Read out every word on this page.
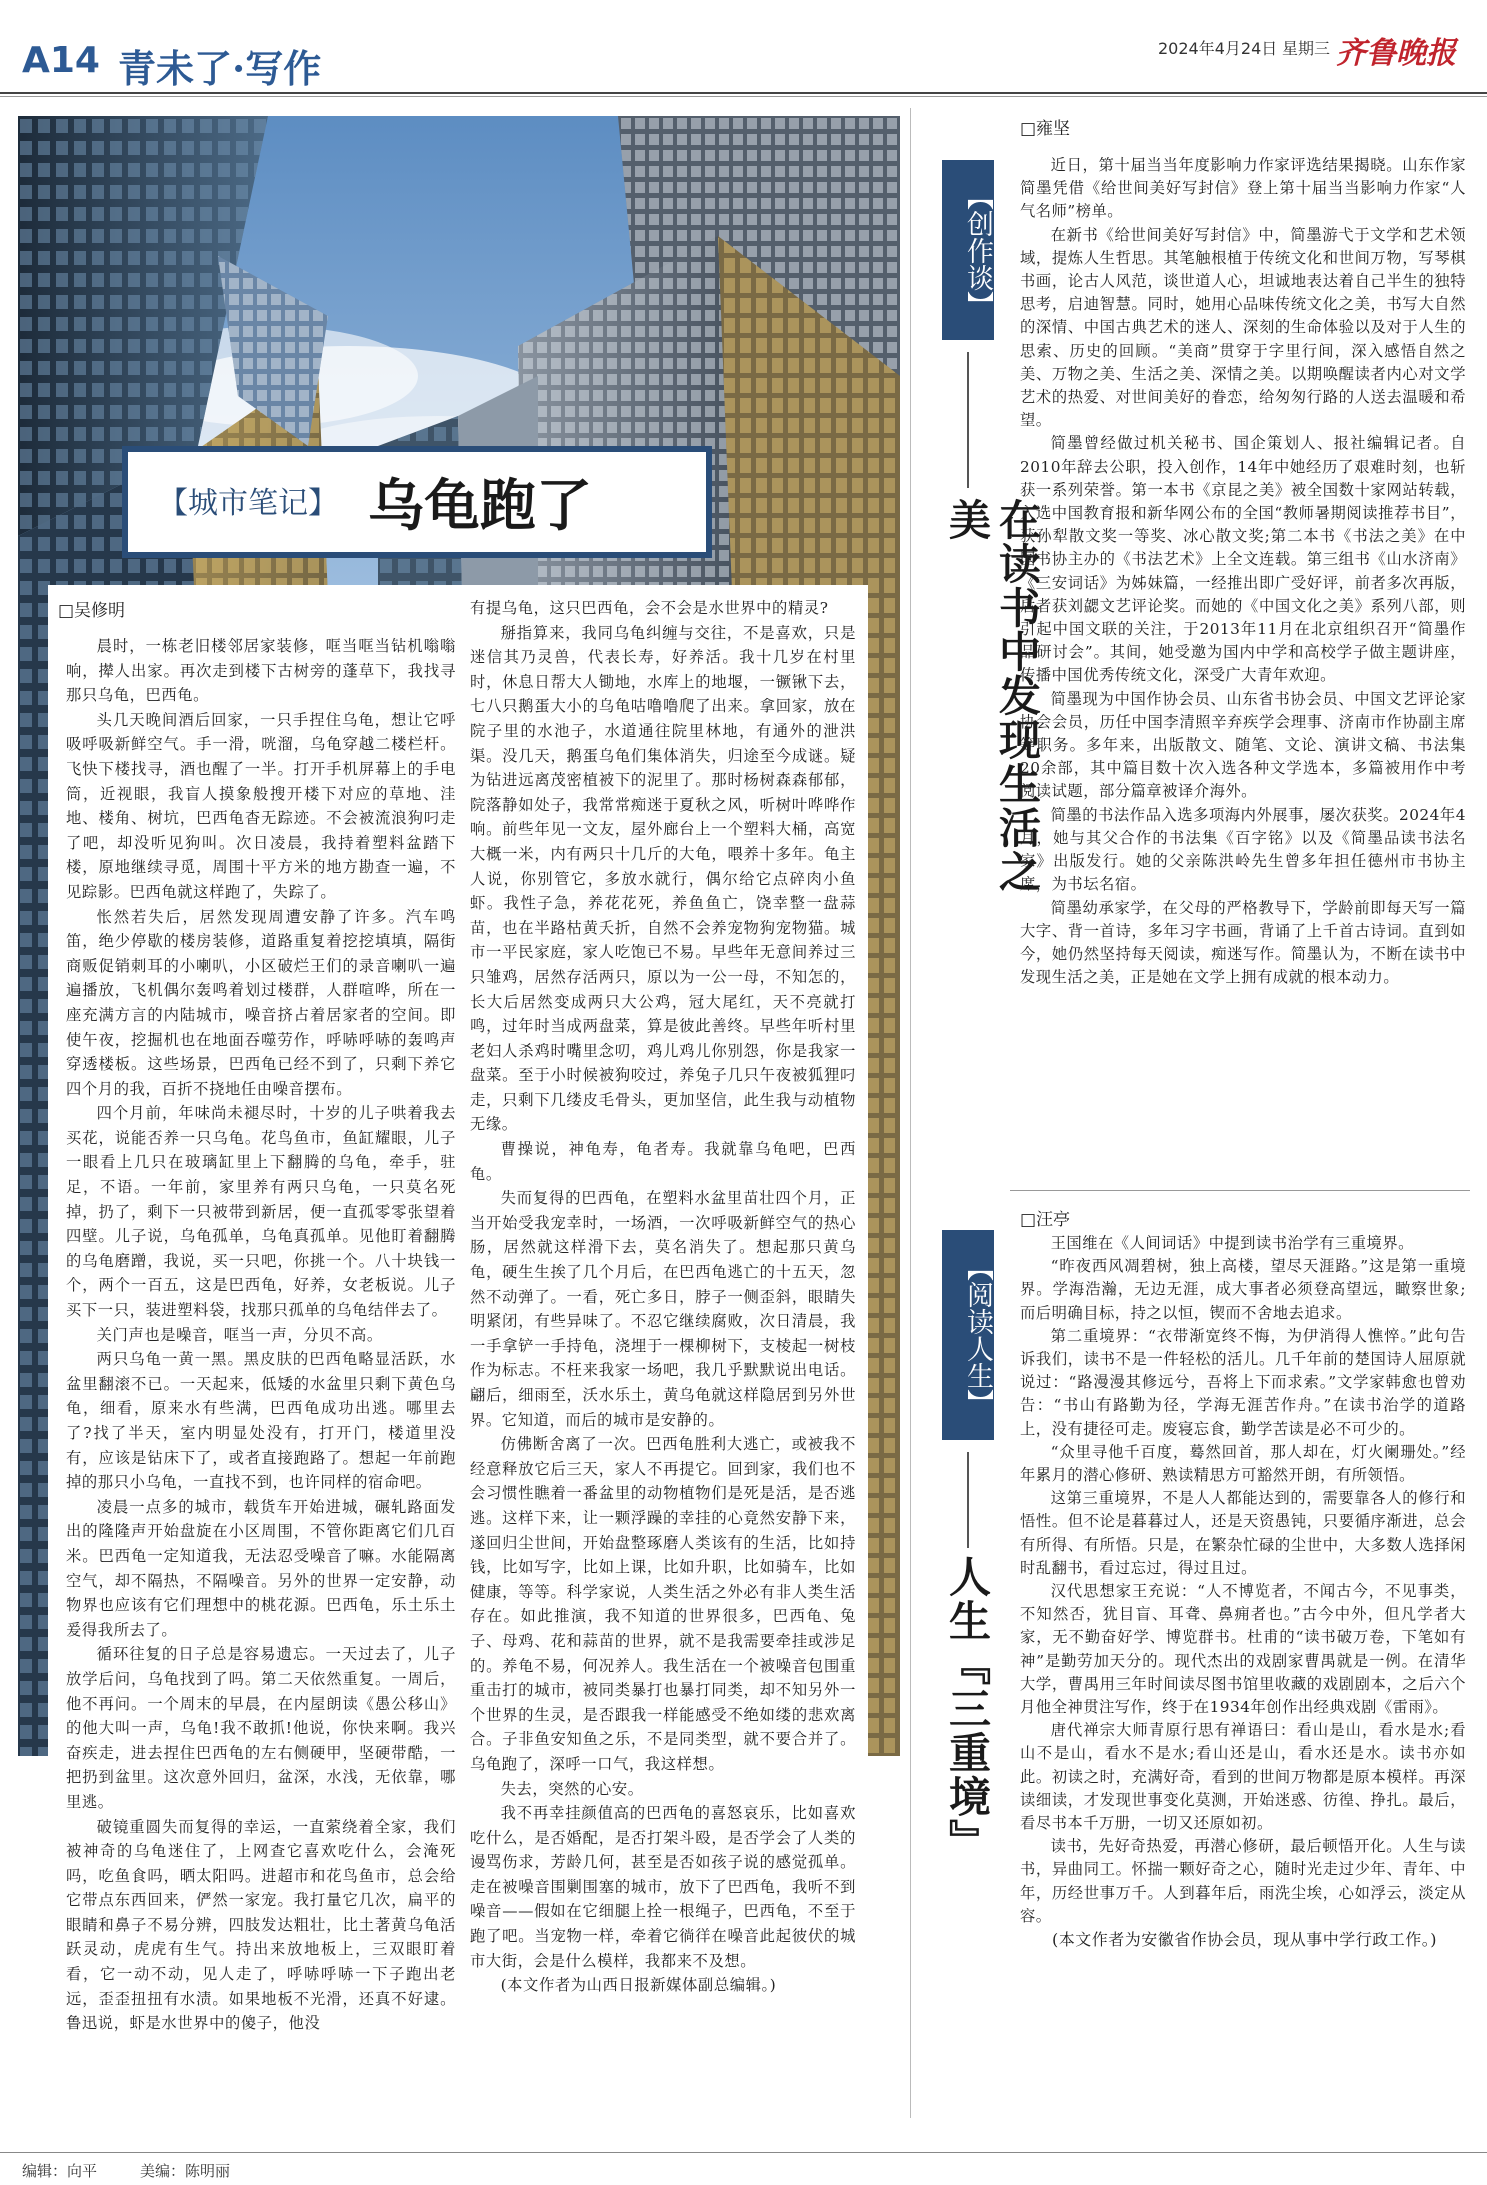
A14 青未了·写作	2024年4月24日 星期三 齐鲁晚报
【城市笔记】 乌龟跑了
□吴修明

晨时，一栋老旧楼邻居家装修，哐当哐当钻机嗡嗡响，撵人出家。再次走到楼下古树旁的蓬草下，我找寻那只乌龟，巴西龟。

头几天晚间酒后回家，一只手捏住乌龟，想让它呼吸呼吸新鲜空气。手一滑，咣溜，乌龟穿越二楼栏杆。飞快下楼找寻，酒也醒了一半。打开手机屏幕上的手电筒，近视眼，我盲人摸象般搜开楼下对应的草地、洼地、楼角、树坑，巴西龟杳无踪迹。不会被流浪狗叼走了吧，却没听见狗叫。次日凌晨，我持着塑料盆踏下楼，原地继续寻觅，周围十平方米的地方勘查一遍，不见踪影。巴西龟就这样跑了，失踪了。

怅然若失后，居然发现周遭安静了许多。汽车鸣笛，绝少停歇的楼房装修，道路重复着挖挖填填，隔街商贩促销刺耳的小喇叭，小区破烂王们的录音喇叭一遍遍播放，飞机偶尔轰鸣着划过楼群，人群喧哗，所在一座充满方言的内陆城市，噪音挤占着居家者的空间。即使午夜，挖掘机也在地面吞噬劳作，呼哧呼哧的轰鸣声穿透楼板。这些场景，巴西龟已经不到了，只剩下养它四个月的我，百折不挠地任由噪音摆布。

四个月前，年味尚未褪尽时，十岁的儿子哄着我去买花，说能否养一只乌龟。花鸟鱼市，鱼缸耀眼，儿子一眼看上几只在玻璃缸里上下翻腾的乌龟，牵手，驻足，不语。一年前，家里养有两只乌龟，一只莫名死掉，扔了，剩下一只被带到新居，便一直孤零零张望着四壁。儿子说，乌龟孤单，乌龟真孤单。见他盯着翻腾的乌龟磨蹭，我说，买一只吧，你挑一个。八十块钱一个，两个一百五，这是巴西龟，好养，女老板说。儿子买下一只，装进塑料袋，找那只孤单的乌龟结伴去了。

关门声也是噪音，哐当一声，分贝不高。

两只乌龟一黄一黑。黑皮肤的巴西龟略显活跃，水盆里翻滚不已。一天起来，低矮的水盆里只剩下黄色乌龟，细看，原来水有些满，巴西龟成功出逃。哪里去了?找了半天，室内明显处没有，打开门，楼道里没有，应该是钻床下了，或者直接跑路了。想起一年前跑掉的那只小乌龟，一直找不到，也许同样的宿命吧。

凌晨一点多的城市，载货车开始进城，碾轧路面发出的隆隆声开始盘旋在小区周围，不管你距离它们几百米。巴西龟一定知道我，无法忍受噪音了嘛。水能隔离空气，却不隔热，不隔噪音。另外的世界一定安静，动物界也应该有它们理想中的桃花源。巴西龟，乐土乐土爰得我所去了。

循环往复的日子总是容易遗忘。一天过去了，儿子放学后问，乌龟找到了吗。第二天依然重复。一周后，他不再问。一个周末的早晨，在内屋朗读《愚公移山》的他大叫一声，乌龟!我不敢抓!他说，你快来啊。我兴奋疾走，进去捏住巴西龟的左右侧硬甲，坚硬带酷，一把扔到盆里。这次意外回归，盆深，水浅，无依靠，哪里逃。

破镜重圆失而复得的幸运，一直萦绕着全家，我们被神奇的乌龟迷住了，上网查它喜欢吃什么，会淹死吗，吃鱼食吗，晒太阳吗。进超市和花鸟鱼市，总会给它带点东西回来，俨然一家宠。我打量它几次，扁平的眼睛和鼻子不易分辨，四肢发达粗壮，比土著黄乌龟活跃灵动，虎虎有生气。持出来放地板上，三双眼盯着看，它一动不动，见人走了，呼哧呼哧一下子跑出老远，歪歪扭扭有水渍。如果地板不光滑，还真不好逮。鲁迅说，虾是水世界中的傻子，他没

有提乌龟，这只巴西龟，会不会是水世界中的精灵?

掰指算来，我同乌龟纠缠与交往，不是喜欢，只是迷信其乃灵兽，代表长寿，好养活。我十几岁在村里时，休息日帮大人锄地，水库上的地堰，一镢锹下去，七八只鹅蛋大小的乌龟咕噜噜爬了出来。拿回家，放在院子里的水池子，水道通往院里林地，有通外的泄洪渠。没几天，鹅蛋乌龟们集体消失，归途至今成谜。疑为钻进远离茂密植被下的泥里了。那时杨树森森郁郁，院落静如处子，我常常痴迷于夏秋之风，听树叶哗哗作响。前些年见一文友，屋外廊台上一个塑料大桶，高宽大概一米，内有两只十几斤的大龟，喂养十多年。龟主人说，你别管它，多放水就行，偶尔给它点碎肉小鱼虾。我性子急，养花花死，养鱼鱼亡，饶幸整一盘蒜苗，也在半路枯黄夭折，自然不会养宠物狗宠物猫。城市一平民家庭，家人吃饱已不易。早些年无意间养过三只雏鸡，居然存活两只，原以为一公一母，不知怎的，长大后居然变成两只大公鸡，冠大尾红，天不亮就打鸣，过年时当成两盘菜，算是彼此善终。早些年听村里老妇人杀鸡时嘴里念叨，鸡儿鸡儿你别怨，你是我家一盘菜。至于小时候被狗咬过，养兔子几只午夜被狐狸叼走，只剩下几缕皮毛骨头，更加坚信，此生我与动植物无缘。

曹操说，神龟寿，龟者寿。我就靠乌龟吧，巴西龟。

失而复得的巴西龟，在塑料水盆里苗壮四个月，正当开始受我宠幸时，一场酒，一次呼吸新鲜空气的热心肠，居然就这样滑下去，莫名消失了。想起那只黄乌龟，硬生生挨了几个月后，在巴西龟逃亡的十五天，忽然不动弹了。一看，死亡多日，脖子一侧歪斜，眼睛失明紧闭，有些异味了。不忍它继续腐败，次日清晨，我一手拿铲一手持龟，浇埋于一棵柳树下，支棱起一树枝作为标志。不枉来我家一场吧，我几乎默默说出电话。翩后，细雨至，沃水乐土，黄乌龟就这样隐居到另外世界。它知道，而后的城市是安静的。

仿佛断舍离了一次。巴西龟胜利大逃亡，或被我不经意释放它后三天，家人不再提它。回到家，我们也不会习惯性瞧着一番盆里的动物植物们是死是活，是否逃逃。这样下来，让一颗浮躁的幸挂的心竟然安静下来，遂回归尘世间，开始盘整琢磨人类该有的生活，比如持钱，比如写字，比如上课，比如升职，比如骑车，比如健康，等等。科学家说，人类生活之外必有非人类生活存在。如此推演，我不知道的世界很多，巴西龟、兔子、母鸡、花和蒜苗的世界，就不是我需要牵挂或涉足的。养龟不易，何况养人。我生活在一个被噪音包围重重击打的城市，被同类暴打也暴打同类，却不知另外一个世界的生灵，是否跟我一样能感受不绝如缕的悲欢离合。子非鱼安知鱼之乐，不是同类型，就不要合并了。乌龟跑了，深呼一口气，我这样想。

失去，突然的心安。

我不再幸挂颜值高的巴西龟的喜怒哀乐，比如喜欢吃什么，是否婚配，是否打架斗殴，是否学会了人类的谩骂伤求，芳龄几何，甚至是否如孩子说的感觉孤单。走在被噪音围剿围塞的城市，放下了巴西龟，我听不到噪音——假如在它细腿上拴一根绳子，巴西龟，不至于跑了吧。当宠物一样，牵着它徜徉在噪音此起彼伏的城市大街，会是什么模样，我都来不及想。

(本文作者为山西日报新媒体副总编辑。)

【创作谈】
在读书中发现生活之美
□雍坚

近日，第十届当当年度影响力作家评选结果揭晓。山东作家简墨凭借《给世间美好写封信》登上第十届当当影响力作家“人气名师”榜单。

在新书《给世间美好写封信》中，简墨游弋于文学和艺术领域，提炼人生哲思。其笔触根植于传统文化和世间万物，写琴棋书画，论古人风范，谈世道人心，坦诚地表达着自己半生的独特思考，启迪智慧。同时，她用心品味传统文化之美，书写大自然的深情、中国古典艺术的迷人、深刻的生命体验以及对于人生的思索、历史的回顾。“美商”贯穿于字里行间，深入感悟自然之美、万物之美、生活之美、深情之美。以期唤醒读者内心对文学艺术的热爱、对世间美好的眷恋，给匆匆行路的人送去温暖和希望。

简墨曾经做过机关秘书、国企策划人、报社编辑记者。自2010年辞去公职，投入创作，14年中她经历了艰难时刻，也斩获一系列荣誉。第一本书《京昆之美》被全国数十家网站转载，入选中国教育报和新华网公布的全国“教师暑期阅读推荐书目”，获孙犁散文奖一等奖、冰心散文奖;第二本书《书法之美》在中国书协主办的《书法艺术》上全文连载。第三组书《山水济南》《三安词话》为姊妹篇，一经推出即广受好评，前者多次再版，后者获刘勰文艺评论奖。而她的《中国文化之美》系列八部，则引起中国文联的关注，于2013年11月在北京组织召开“简墨作品研讨会”。其间，她受邀为国内中学和高校学子做主题讲座，传播中国优秀传统文化，深受广大青年欢迎。

简墨现为中国作协会员、山东省书协会员、中国文艺评论家协会会员，历任中国李清照辛弃疾学会理事、济南市作协副主席等职务。多年来，出版散文、随笔、文论、演讲文稿、书法集20余部，其中篇目数十次入选各种文学选本，多篇被用作中考阅读试题，部分篇章被译介海外。

简墨的书法作品入选多项海内外展事，屡次获奖。2024年4月，她与其父合作的书法集《百字铭》以及《简墨品读书法名家》出版发行。她的父亲陈洪岭先生曾多年担任德州市书协主席，为书坛名宿。

简墨幼承家学，在父母的严格教导下，学龄前即每天写一篇大字、背一首诗，多年习字书画，背诵了上千首古诗词。直到如今，她仍然坚持每天阅读，痴迷写作。简墨认为，不断在读书中发现生活之美，正是她在文学上拥有成就的根本动力。

【阅读人生】
人生『三重境』
□汪亭

王国维在《人间词话》中提到读书治学有三重境界。

“昨夜西风凋碧树，独上高楼，望尽天涯路。”这是第一重境界。学海浩瀚，无边无涯，成大事者必须登高望远，瞰察世象;而后明确目标，持之以恒，锲而不舍地去追求。

第二重境界：“衣带渐宽终不悔，为伊消得人憔悴。”此句告诉我们，读书不是一件轻松的活儿。几千年前的楚国诗人屈原就说过：“路漫漫其修远兮，吾将上下而求索。”文学家韩愈也曾劝告：“书山有路勤为径，学海无涯苦作舟。”在读书治学的道路上，没有捷径可走。废寝忘食，勤学苦读是必不可少的。

“众里寻他千百度，蓦然回首，那人却在，灯火阑珊处。”经年累月的潜心修研、熟读精思方可豁然开朗，有所领悟。

这第三重境界，不是人人都能达到的，需要靠各人的修行和悟性。但不论是暮暮过人，还是天资愚钝，只要循序渐进，总会有所得、有所悟。只是，在繁杂忙碌的尘世中，大多数人选择闲时乱翻书，看过忘过，得过且过。

汉代思想家王充说：“人不博览者，不闻古今，不见事类，不知然否，犹目盲、耳聋、鼻痈者也。”古今中外，但凡学者大家，无不勤奋好学、博览群书。杜甫的“读书破万卷，下笔如有神”是勤劳加天分的。现代杰出的戏剧家曹禺就是一例。在清华大学，曹禺用三年时间读尽图书馆里收藏的戏剧剧本，之后六个月他全神贯注写作，终于在1934年创作出经典戏剧《雷雨》。

唐代禅宗大师青原行思有禅语曰：看山是山，看水是水;看山不是山，看水不是水;看山还是山，看水还是水。读书亦如此。初读之时，充满好奇，看到的世间万物都是原本模样。再深读细读，才发现世事变化莫测，开始迷惑、彷徨、挣扎。最后，看尽书本千万册，一切又还原如初。

读书，先好奇热爱，再潜心修研，最后顿悟开化。人生与读书，异曲同工。怀揣一颗好奇之心，随时光走过少年、青年、中年，历经世事万千。人到暮年后，雨洗尘埃，心如浮云，淡定从容。

(本文作者为安徽省作协会员，现从事中学行政工作。)

编辑：向平	美编：陈明丽
